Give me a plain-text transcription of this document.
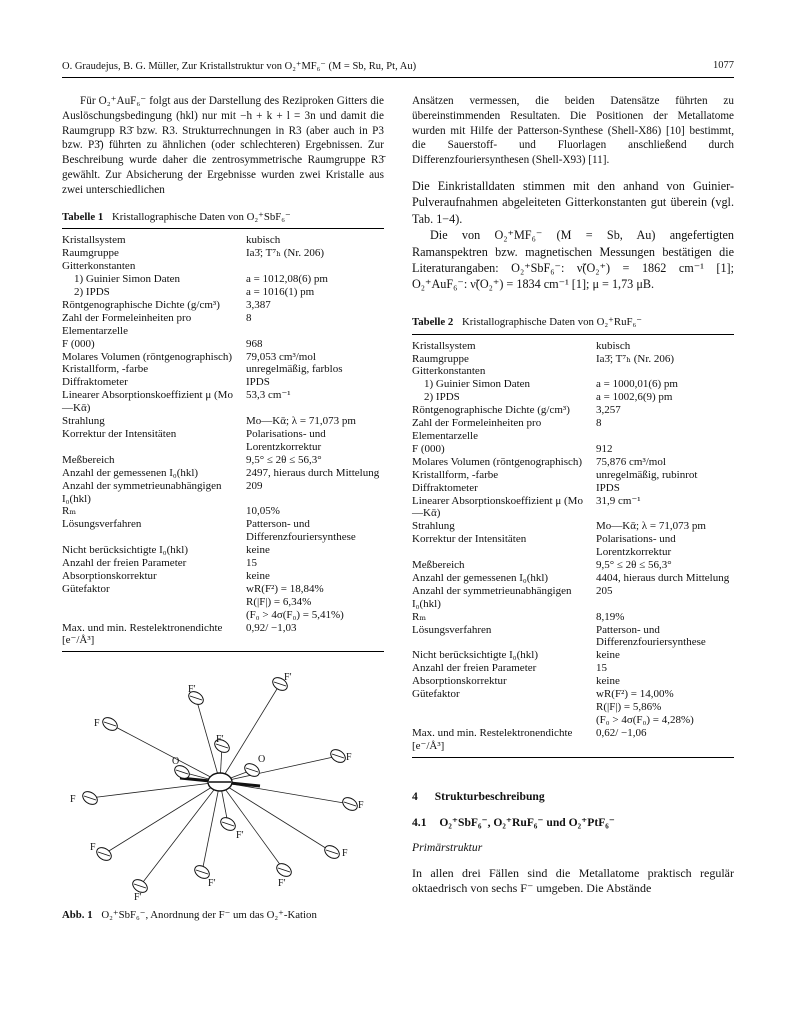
O. Graudejus, B. G. Müller, Zur Kristallstruktur von O₂⁺MF₆⁻ (M = Sb, Ru, Pt, Au)	1077

Für O₂⁺AuF₆⁻ folgt aus der Darstellung des Reziproken Gitters die Auslöschungsbedingung (hkl) nur mit −h + k + l = 3n und damit die Raumgrupp R3̄ bzw. R3. Strukturrechnungen in R3 (aber auch in P3 bzw. P3̄) führten zu ähnlichen (oder schlechteren) Ergebnissen. Zur Beschreibung wurde daher die zentrosymmetrische Raumgruppe R3̄ gewählt. Zur Absicherung der Ergebnisse wurden zwei Kristalle aus zwei unterschiedlichen

Tabelle 1 Kristallographische Daten von O₂⁺SbF₆⁻
Kristallsystem	kubisch
Raumgruppe	Ia3̄; T⁷ₕ (Nr. 206)
Gitterkonstanten	
1) Guinier Simon Daten	a = 1012,08(6) pm
2) IPDS	a = 1016(1) pm
Röntgenographische Dichte (g/cm³)	3,387
Zahl der Formeleinheiten pro Elementarzelle	8
F (000)	968
Molares Volumen (röntgenographisch)	79,053 cm³/mol
Kristallform, -farbe	unregelmäßig, farblos
Diffraktometer	IPDS
Linearer Absorptionskoeffizient μ (Mo—Kᾱ)	53,3 cm⁻¹
Strahlung	Mo—Kᾱ; λ = 71,073 pm
Korrektur der Intensitäten	Polarisations- und Lorentzkorrektur
Meßbereich	9,5° ≤ 2θ ≤ 56,3°
Anzahl der gemessenen I₀(hkl)	2497, hieraus durch Mittelung
Anzahl der symmetrieunabhängigen I₀(hkl)	209
Rₘ	10,05%
Lösungsverfahren	Patterson- und Differenzfouriersynthese
Nicht berücksichtigte I₀(hkl)	keine
Anzahl der freien Parameter	15
Absorptionskorrektur	keine
Gütefaktor	wR(F²) = 18,84%
	R(|F|) = 6,34%
	(F₀ > 4σ(F₀) = 5,41%)
Max. und min. Restelektronendichte [e⁻/Å³]	0,92/ −1,03
F′
F′
F
F′
F
O	O
F
F
F
F′
F
F′
F′
F′
Abb. 1 O₂⁺SbF₆⁻, Anordnung der F⁻ um das O₂⁺-Kation

Ansätzen vermessen, die beiden Datensätze führten zu übereinstimmenden Resultaten. Die Positionen der Metallatome wurden mit Hilfe der Patterson-Synthese (Shell-X86) [10] bestimmt, die Sauerstoff- und Fluorlagen anschließend durch Differenzfouriersynthesen (Shell-X93) [11].

Die Einkristalldaten stimmen mit den anhand von Guinier-Pulveraufnahmen abgeleiteten Gitterkonstanten gut überein (vgl. Tab. 1−4).

Die von O₂⁺MF₆⁻ (M = Sb, Au) angefertigten Ramanspektren bzw. magnetischen Messungen bestätigen die Literaturangaben: O₂⁺SbF₆⁻: ν̃(O₂⁺) = 1862 cm⁻¹ [1]; O₂⁺AuF₆⁻: ν̃(O₂⁺) = 1834 cm⁻¹ [1]; μ = 1,73 μB.

Tabelle 2 Kristallographische Daten von O₂⁺RuF₆⁻
Kristallsystem	kubisch
Raumgruppe	Ia3̄; T⁷ₕ (Nr. 206)
Gitterkonstanten	
1) Guinier Simon Daten	a = 1000,01(6) pm
2) IPDS	a = 1002,6(9) pm
Röntgenographische Dichte (g/cm³)	3,257
Zahl der Formeleinheiten pro Elementarzelle	8
F (000)	912
Molares Volumen (röntgenographisch)	75,876 cm³/mol
Kristallform, -farbe	unregelmäßig, rubinrot
Diffraktometer	IPDS
Linearer Absorptionskoeffizient μ (Mo—Kᾱ)	31,9 cm⁻¹
Strahlung	Mo—Kᾱ; λ = 71,073 pm
Korrektur der Intensitäten	Polarisations- und Lorentzkorrektur
Meßbereich	9,5° ≤ 2θ ≤ 56,3°
Anzahl der gemessenen I₀(hkl)	4404, hieraus durch Mittelung
Anzahl der symmetrieunabhängigen I₀(hkl)	205
Rₘ	8,19%
Lösungsverfahren	Patterson- und Differenzfouriersynthese
Nicht berücksichtigte I₀(hkl)	keine
Anzahl der freien Parameter	15
Absorptionskorrektur	keine
Gütefaktor	wR(F²) = 14,00%
	R(|F|) = 5,86%
	(F₀ > 4σ(F₀) = 4,28%)
Max. und min. Restelektronendichte [e⁻/Å³]	0,62/ −1,06
4 Strukturbeschreibung
4.1 O₂⁺SbF₆⁻, O₂⁺RuF₆⁻ und O₂⁺PtF₆⁻
Primärstruktur

In allen drei Fällen sind die Metallatome praktisch regulär oktaedrisch von sechs F⁻ umgeben. Die Abstände
